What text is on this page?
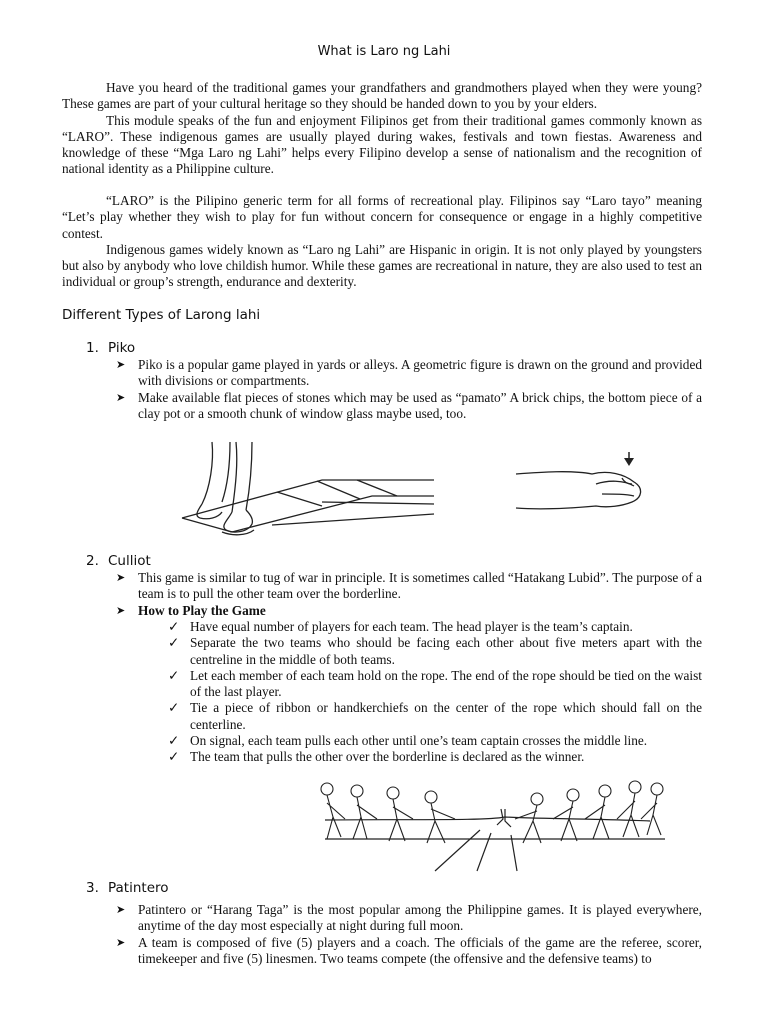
What is Laro ng Lahi

Have you heard of the traditional games your grandfathers and grandmothers played when they were young? These games are part of your cultural heritage so they should be handed down to you by your elders.

This module speaks of the fun and enjoyment Filipinos get from their traditional games commonly known as “LARO”. These indigenous games are usually played during wakes, festivals and town fiestas. Awareness and knowledge of these “Mga Laro ng Lahi” helps every Filipino develop a sense of nationalism and the recognition of national identity as a Philippine culture.

“LARO” is the Pilipino generic term for all forms of recreational play. Filipinos say “Laro tayo” meaning “Let’s play whether they wish to play for fun without concern for consequence or engage in a highly competitive contest.

Indigenous games widely known as “Laro ng Lahi” are Hispanic in origin. It is not only played by youngsters but also by anybody who love childish humor. While these games are recreational in nature, they are also used to test an individual or group’s strength, endurance and dexterity.

Different Types of Larong lahi
1. Piko
➤ Piko is a popular game played in yards or alleys. A geometric figure is drawn on the ground and provided with divisions or compartments.
➤ Make available flat pieces of stones which may be used as “pamato” A brick chips, the bottom piece of a clay pot or a smooth chunk of window glass maybe used, too.
2. Culliot
➤ This game is similar to tug of war in principle. It is sometimes called “Hatakang Lubid”. The purpose of a team is to pull the other team over the borderline.
➤ How to Play the Game
✓ Have equal number of players for each team. The head player is the team’s captain.
✓ Separate the two teams who should be facing each other about five meters apart with the centreline in the middle of both teams.
✓ Let each member of each team hold on the rope. The end of the rope should be tied on the waist of the last player.
✓ Tie a piece of ribbon or handkerchiefs on the center of the rope which should fall on the centerline.
✓ On signal, each team pulls each other until one’s team captain crosses the middle line.
✓ The team that pulls the other over the borderline is declared as the winner.
3. Patintero
➤ Patintero or “Harang Taga” is the most popular among the Philippine games. It is played everywhere, anytime of the day most especially at night during full moon.
➤ A team is composed of five (5) players and a coach. The officials of the game are the referee, scorer, timekeeper and five (5) linesmen. Two teams compete (the offensive and the defensive teams) to
